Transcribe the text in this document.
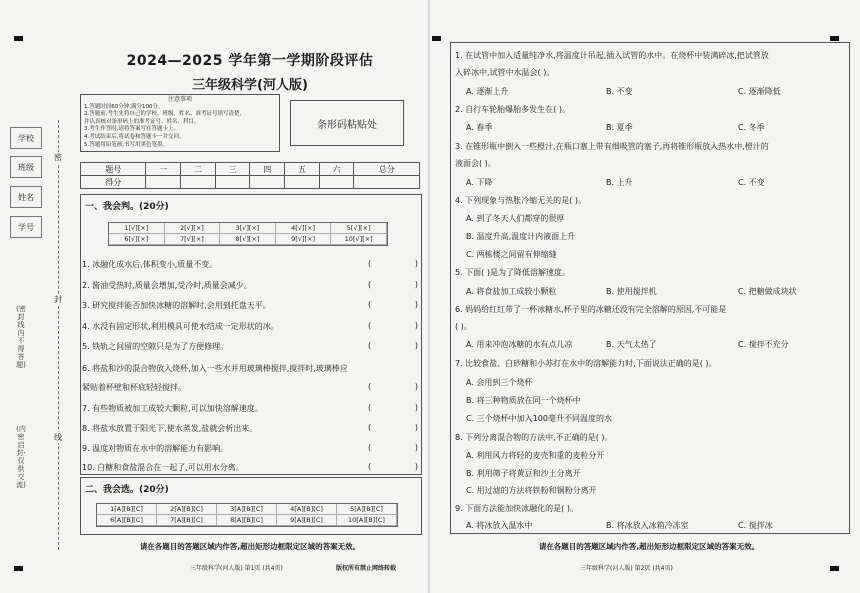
2024—2025 学年第一学期阶段评估
三年级科学(河人版)
注意事项
1.答题时间60分钟,满分100分。
2.答题前,考生先将自己的学校、班级、姓名、准考证号填写清楚,
并认真核对条形码上的准考证号、姓名、科目。
3.考生作答时,请将答案写在答题卡上。
4.考试结束后,将试卷和答题卡一并交回。
5.答题用铅笔画,书写用黑色笔墨。
条形码粘贴处
学校
班级
姓名
学号
密
封
线
(密封线内不得答题)
(内密启封·仅供交流)
题号	一	二	三	四	五	六	总分
得分							
一、我会判。(20分)
1[√][×]	2[√][×]	3[√][×]	4[√][×]	5[√][×]
6[√][×]	7[√][×]	8[√][×]	9[√][×]	10[√][×]
1. 冰融化成水后,体积变小,质量不变。	(	)
2. 酱油受热时,质量会增加,受冷时,质量会减少。	(	)
3. 研究搅拌能否加快冰糖的溶解时,会用到托盘天平。	(	)
4. 水没有固定形状,利用模具可使水结成一定形状的冰。	(	)
5. 铁轨之间留的空隙只是为了方便修理。	(	)
6. 将盐和沙的混合物放入烧杯,加入一些水并用玻璃棒搅拌,搅拌时,玻璃棒应
紧贴着杯壁和杯底轻轻搅拌。	(	)
7. 有些物质被加工成较大颗粒,可以加快溶解速度。	(	)
8. 将盐水放置于阳光下,使水蒸发,盐就会析出来。	(	)
9. 温度对物质在水中的溶解能力有影响。	(	)
10. 白糖和食盐混合在一起了,可以用水分离。	(	)
二、我会选。(20分)
1[A][B][C]	2[A][B][C]	3[A][B][C]	4[A][B][C]	5[A][B][C]
6[A][B][C]	7[A][B][C]	8[A][B][C]	9[A][B][C]	10[A][B][C]
请在各题目的答题区域内作答,超出矩形边框限定区域的答案无效。
三年级科学(河人版) 第1页 (共4页)	版权所有禁止网络转载
请在各题目的答题区域内作答,超出矩形边框限定区域的答案无效。
三年级科学(河人版) 第2页 (共4页)
1. 在试管中加入适量纯净水,将温度计吊起,插入试管的水中。在烧杯中装满碎冰,把试管放
入碎冰中,试管中水温会( )。
A. 逐渐上升	B. 不变	C. 逐渐降低
2. 自行车轮胎爆胎多发生在( )。
A. 春季	B. 夏季	C. 冬季
3. 在锥形瓶中倒入一些橙汁,在瓶口塞上带有细吸管的塞子,再将锥形瓶放入热水中,橙汁的
液面会( )。
A. 下降	B. 上升	C. 不变
4. 下列现象与热胀冷缩无关的是( )。
A. 到了冬天人们都穿的很厚
B. 温度升高,温度计内液面上升
C. 两栋楼之间留有伸缩缝
5. 下面( )是为了降低溶解速度。
A. 将食盐加工成较小颗粒	B. 使用搅拌机	C. 把糖做成块状
6. 妈妈给红红带了一杯冰糖水,杯子里的冰糖还没有完全溶解的原因,不可能是
( )。
A. 用来冲泡冰糖的水有点儿凉	B. 天气太热了	C. 搅拌不充分
7. 比较食盐、白砂糖和小苏打在水中的溶解能力时,下面说法正确的是( )。
A. 会用到三个烧杯
B. 将三种物质放在同一个烧杯中
C. 三个烧杯中加入100毫升不同温度的水
8. 下列分离混合物的方法中,不正确的是( )。
A. 利用风力将轻的麦壳和重的麦粒分开
B. 利用筛子将黄豆和沙土分离开
C. 用过滤的方法将铁粉和铜粉分离开
9. 下面方法能加快冰融化的是( )。
A. 将冰放入温水中	B. 将冰放入冰箱冷冻室	C. 搅拌冰
